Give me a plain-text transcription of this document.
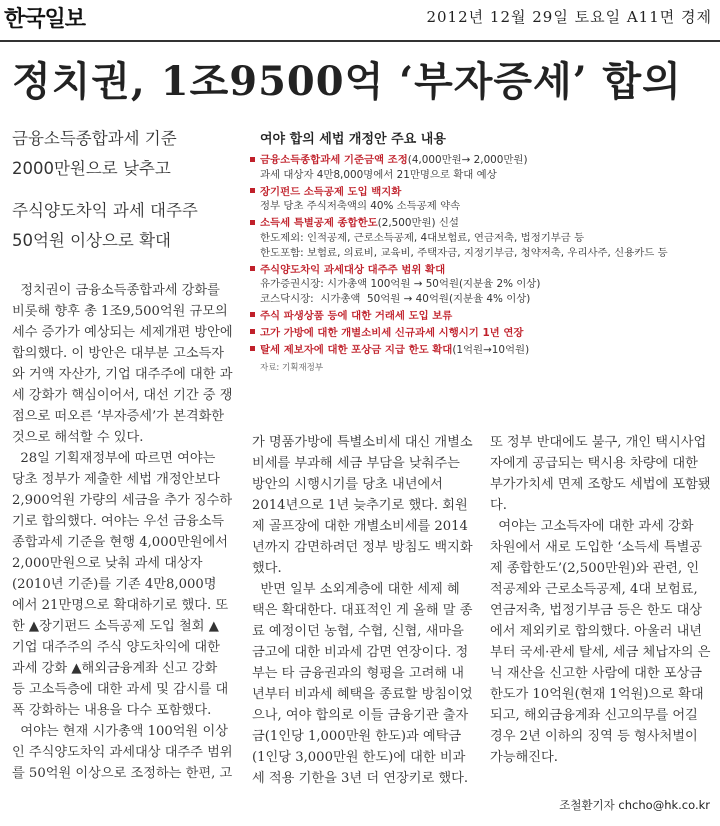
한국일보	2012년 12월 29일 토요일 A11면 경제
정치권, 1조9500억 ‘부자증세’ 합의
금융소득종합과세 기준
2000만원으로 낮추고
주식양도차익 과세 대주주
50억원 이상으로 확대
여야 합의 세법 개정안 주요 내용
금융소득종합과세 기준금액 조정(4,000만원→ 2,000만원)
과세 대상자 4만8,000명에서 21만명으로 확대 예상
장기펀드 소득공제 도입 백지화
정부 당초 주식저축액의 40% 소득공제 약속
소득세 특별공제 종합한도(2,500만원) 신설
한도제외: 인적공제, 근로소득공제, 4대보험료, 연금저축, 법정기부금 등
한도포함: 보험료, 의료비, 교육비, 주택자금, 지정기부금, 청약저축, 우리사주, 신용카드 등
주식양도차익 과세대상 대주주 범위 확대
유가증권시장: 시가총액 100억원 → 50억원(지분율 2% 이상)
코스닥시장:  시가총액  50억원 → 40억원(지분율 4% 이상)
주식 파생상품 등에 대한 거래세 도입 보류
고가 가방에 대한 개별소비세 신규과세 시행시기 1년 연장
탈세 제보자에 대한 포상금 지급 한도 확대(1억원→10억원)
자료: 기획재정부
정치권이 금융소득종합과세 강화를
비롯해 향후 총 1조9,500억원 규모의
세수 증가가 예상되는 세제개편 방안에
합의했다. 이 방안은 대부분 고소득자
와 거액 자산가, 기업 대주주에 대한 과
세 강화가 핵심이어서, 대선 기간 중 쟁
점으로 떠오른 ‘부자증세’가 본격화한
것으로 해석할 수 있다.
28일 기획재정부에 따르면 여야는
당초 정부가 제출한 세법 개정안보다
2,900억원 가량의 세금을 추가 징수하
기로 합의했다. 여야는 우선 금융소득
종합과세 기준을 현행 4,000만원에서
2,000만원으로 낮춰 과세 대상자
(2010년 기준)를 기존 4만8,000명
에서 21만명으로 확대하기로 했다. 또
한 ▲장기펀드 소득공제 도입 철회 ▲
기업 대주주의 주식 양도차익에 대한
과세 강화 ▲해외금융계좌 신고 강화
등 고소득층에 대한 과세 및 감시를 대
폭 강화하는 내용을 다수 포함했다.
여야는 현재 시가총액 100억원 이상
인 주식양도차익 과세대상 대주주 범위
를 50억원 이상으로 조정하는 한편, 고
가 명품가방에 특별소비세 대신 개별소
비세를 부과해 세금 부담을 낮춰주는
방안의 시행시기를 당초 내년에서
2014년으로 1년 늦추기로 했다. 회원
제 골프장에 대한 개별소비세를 2014
년까지 감면하려던 정부 방침도 백지화
했다.
반면 일부 소외계층에 대한 세제 혜
택은 확대한다. 대표적인 게 올해 말 종
료 예정이던 농협, 수협, 신협, 새마을
금고에 대한 비과세 감면 연장이다. 정
부는 타 금융권과의 형평을 고려해 내
년부터 비과세 혜택을 종료할 방침이었
으나, 여야 합의로 이들 금융기관 출자
금(1인당 1,000만원 한도)과 예탁금
(1인당 3,000만원 한도)에 대한 비과
세 적용 기한을 3년 더 연장키로 했다.
또 정부 반대에도 불구, 개인 택시사업
자에게 공급되는 택시용 차량에 대한
부가가치세 면제 조항도 세법에 포함됐
다.
여야는 고소득자에 대한 과세 강화
차원에서 새로 도입한 ‘소득세 특별공
제 종합한도’(2,500만원)와 관련, 인
적공제와 근로소득공제, 4대 보험료,
연금저축, 법정기부금 등은 한도 대상
에서 제외키로 합의했다. 아울러 내년
부터 국세·관세 탈세, 세금 체납자의 은
닉 재산을 신고한 사람에 대한 포상금
한도가 10억원(현재 1억원)으로 확대
되고, 해외금융계좌 신고의무를 어길
경우 2년 이하의 징역 등 형사처벌이
가능해진다.
조철환기자 chcho@hk.co.kr
